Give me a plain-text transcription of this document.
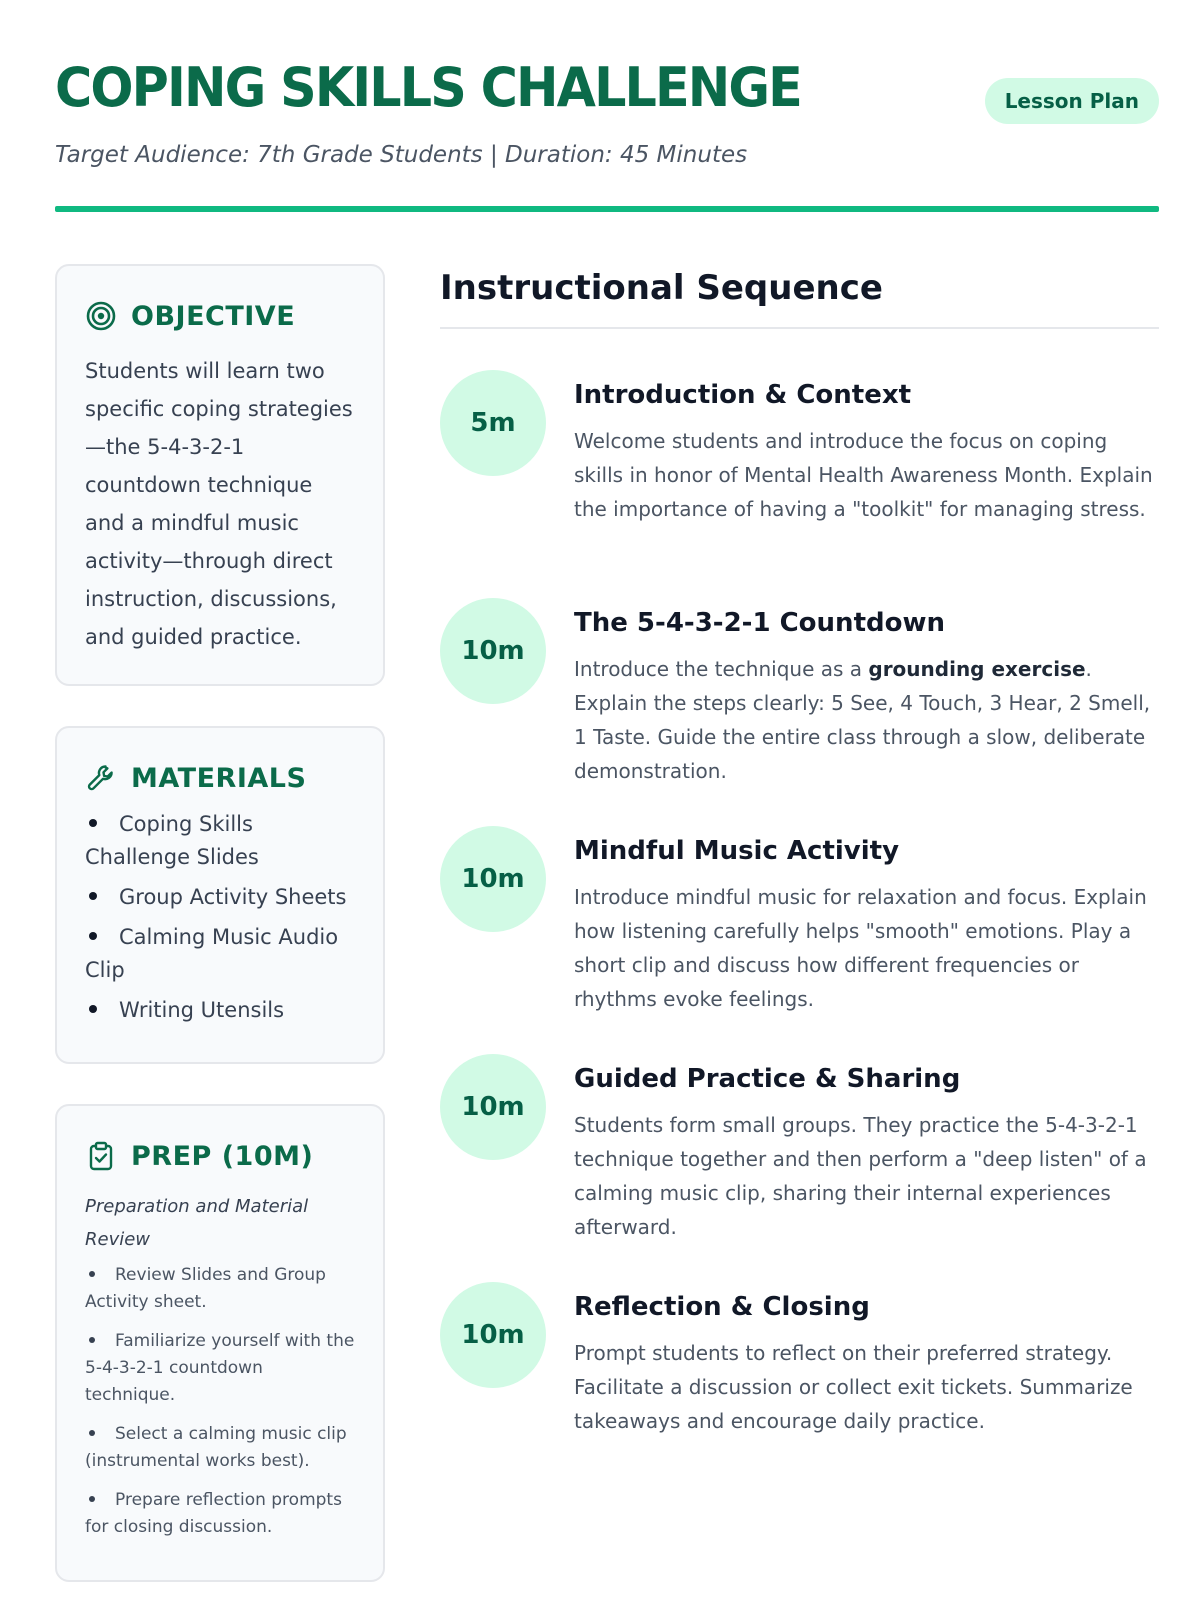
COPING SKILLS CHALLENGE
Target Audience: 7th Grade Students | Duration: 45 Minutes
Lesson Plan
OBJECTIVE
Students will learn two specific coping strategies—the 5-4-3-2-1 countdown technique and a mindful music activity—through direct instruction, discussions, and guided practice.
MATERIALS
Coping Skills Challenge Slides
Group Activity Sheets
Calming Music Audio Clip
Writing Utensils
PREP (10M)
Preparation and Material Review
Review Slides and Group Activity sheet.
Familiarize yourself with the 5-4-3-2-1 countdown technique.
Select a calming music clip (instrumental works best).
Prepare reflection prompts for closing discussion.
Instructional Sequence
5m
Introduction & Context
Welcome students and introduce the focus on coping skills in honor of Mental Health Awareness Month. Explain the importance of having a "toolkit" for managing stress.
10m
The 5-4-3-2-1 Countdown
Introduce the technique as a grounding exercise. Explain the steps clearly: 5 See, 4 Touch, 3 Hear, 2 Smell, 1 Taste. Guide the entire class through a slow, deliberate demonstration.
10m
Mindful Music Activity
Introduce mindful music for relaxation and focus. Explain how listening carefully helps "smooth" emotions. Play a short clip and discuss how different frequencies or rhythms evoke feelings.
10m
Guided Practice & Sharing
Students form small groups. They practice the 5-4-3-2-1 technique together and then perform a "deep listen" of a calming music clip, sharing their internal experiences afterward.
10m
Reflection & Closing
Prompt students to reflect on their preferred strategy. Facilitate a discussion or collect exit tickets. Summarize takeaways and encourage daily practice.
